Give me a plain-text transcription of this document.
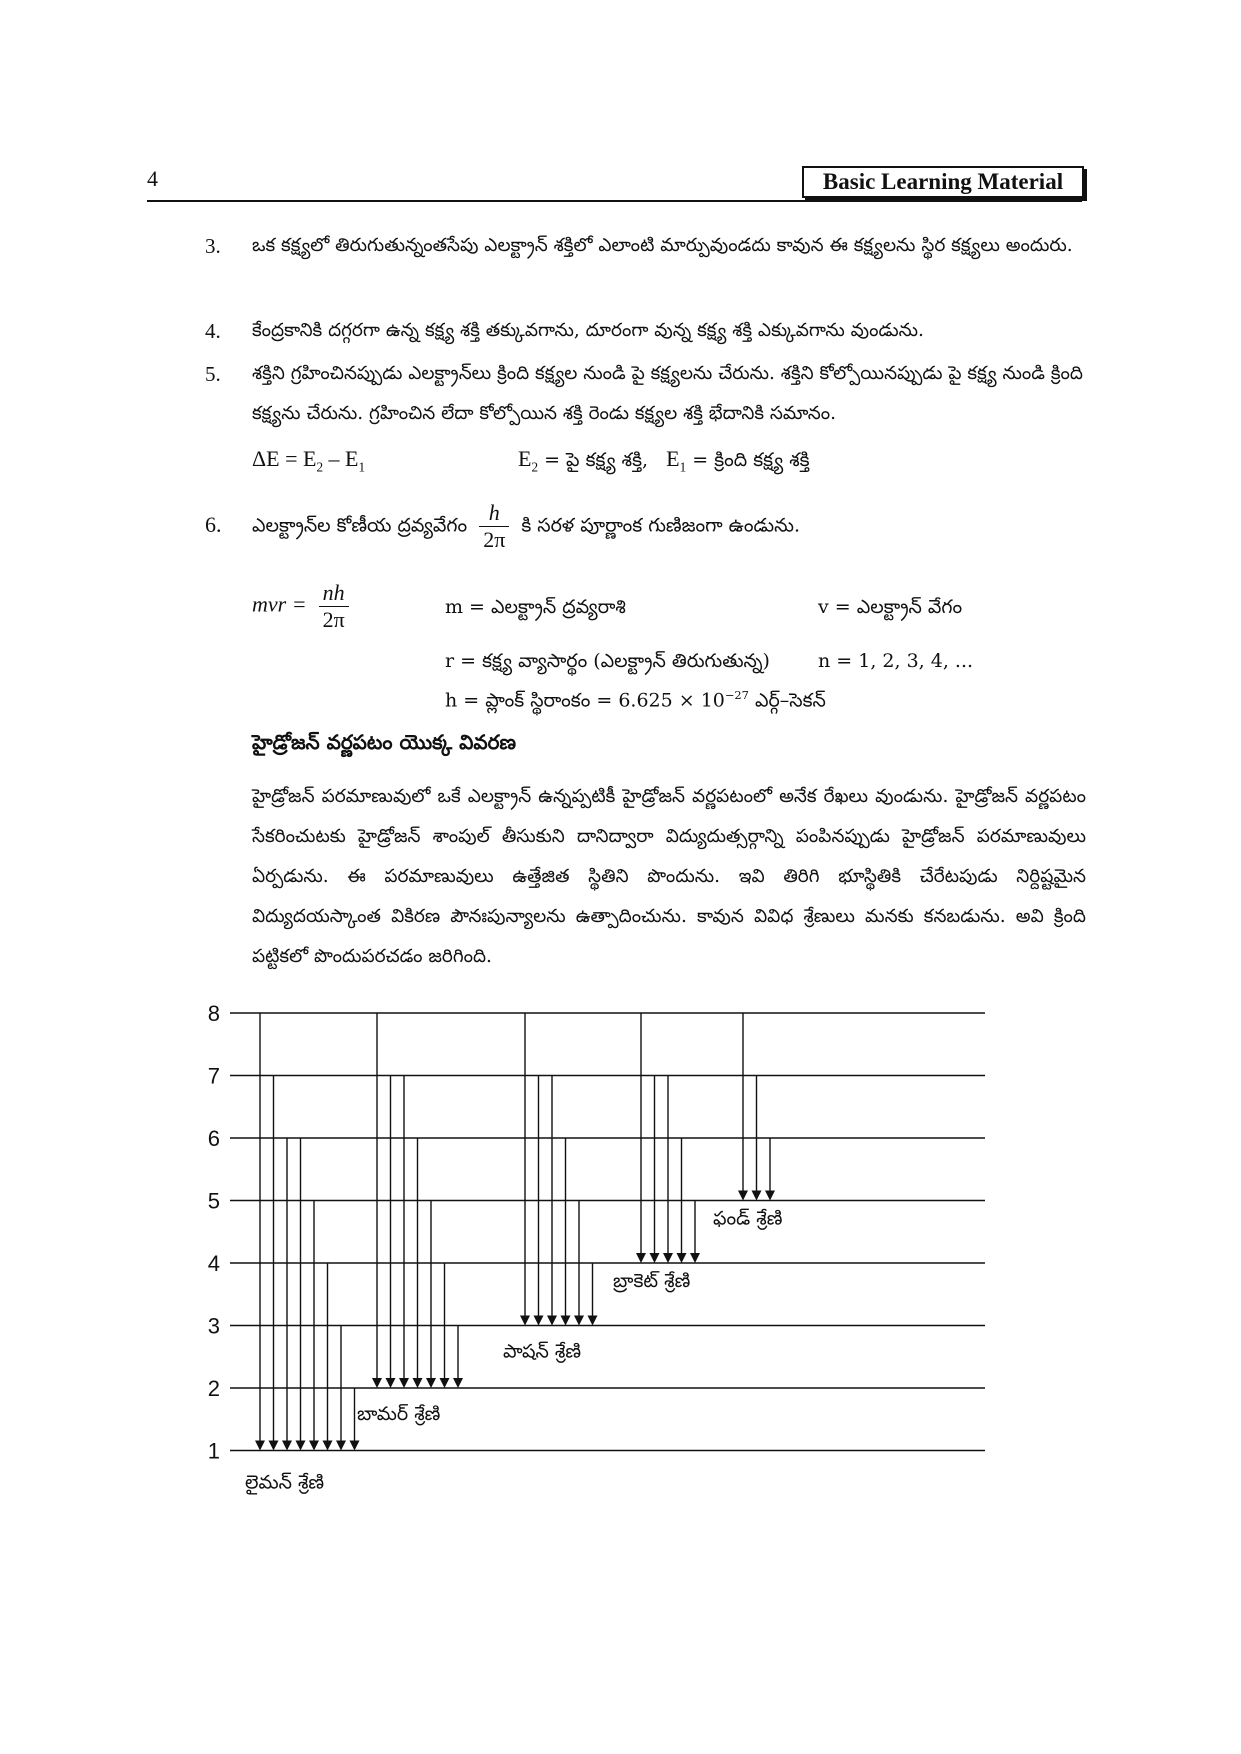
4	Basic Learning Material
3. ఒక కక్ష్యలో తిరుగుతున్నంతసేపు ఎలక్ట్రాన్ శక్తిలో ఎలాంటి మార్పువుండదు కావున ఈ కక్ష్యలను స్థిర కక్ష్యలు అందురు.
4. కేంద్రకానికి దగ్గరగా ఉన్న కక్ష్య శక్తి తక్కువగాను, దూరంగా వున్న కక్ష్య శక్తి ఎక్కువగాను వుండును.
5. శక్తిని గ్రహించినప్పుడు ఎలక్ట్రాన్‌లు క్రింది కక్ష్యల నుండి పై కక్ష్యలను చేరును. శక్తిని కోల్పోయినప్పుడు పై కక్ష్య నుండి క్రింది కక్ష్యను చేరును. గ్రహించిన లేదా కోల్పోయిన శక్తి రెండు కక్ష్యల శక్తి భేదానికి సమానం.
$\Delta E = E_2 - E_1$	$E_2$ = పై కక్ష్య శక్తి, $E_1$ = క్రింది కక్ష్య శక్తి
6. ఎలక్ట్రాన్‌ల కోణీయ ద్రవ్యవేగం $\frac{h}{2\pi}$ కి సరళ పూర్ణాంక గుణిజంగా ఉండును.
mvr = $\frac{nh}{2\pi}$	m = ఎలక్ట్రాన్ ద్రవ్యరాశి	v = ఎలక్ట్రాన్ వేగం
r = కక్ష్య వ్యాసార్థం (ఎలక్ట్రాన్ తిరుగుతున్న)	n = 1, 2, 3, 4, ...
h = ప్లాంక్ స్థిరాంకం = $6.625 \times 10^{-27}$ ఎర్గ్–సెకన్
హైడ్రోజన్ వర్ణపటం యొక్క వివరణ
హైడ్రోజన్ పరమాణువులో ఒకే ఎలక్ట్రాన్ ఉన్నప్పటికీ హైడ్రోజన్ వర్ణపటంలో అనేక రేఖలు వుండును. హైడ్రోజన్ వర్ణపటం సేకరించుటకు హైడ్రోజన్ శాంపుల్ తీసుకుని దానిద్వారా విద్యుదుత్సర్గాన్ని పంపినప్పుడు హైడ్రోజన్ పరమాణువులు ఏర్పడును. ఈ పరమాణువులు ఉత్తేజిత స్థితిని పొందును. ఇవి తిరిగి భూస్థితికి చేరేటపుడు నిర్దిష్టమైన విద్యుదయస్కాంత వికిరణ పౌనఃపున్యాలను ఉత్పాదించును. కావున వివిధ శ్రేణులు మనకు కనబడును. అవి క్రింది పట్టికలో పొందుపరచడం జరిగింది.
1
2
3
4
5
6
7
8
లైమన్ శ్రేణి
బామర్ శ్రేణి
పాషన్ శ్రేణి
బ్రాకెట్ శ్రేణి
ఫండ్ శ్రేణి
